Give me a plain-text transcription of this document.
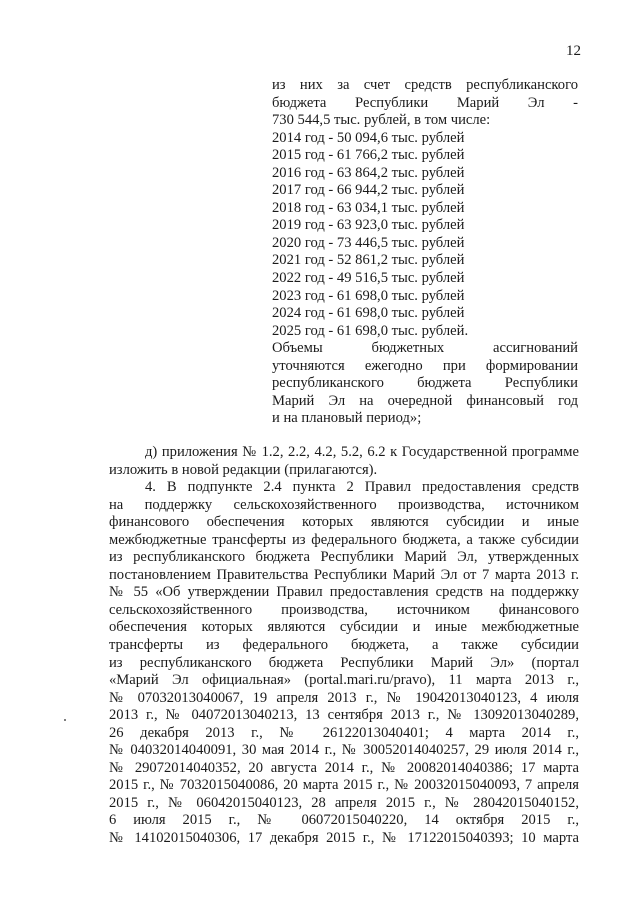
12
из них за счет средств республиканского
бюджета Республики Марий Эл -
730 544,5 тыс. рублей, в том числе:
2014 год - 50 094,6 тыс. рублей
2015 год - 61 766,2 тыс. рублей
2016 год - 63 864,2 тыс. рублей
2017 год - 66 944,2 тыс. рублей
2018 год - 63 034,1 тыс. рублей
2019 год - 63 923,0 тыс. рублей
2020 год - 73 446,5 тыс. рублей
2021 год - 52 861,2 тыс. рублей
2022 год - 49 516,5 тыс. рублей
2023 год - 61 698,0 тыс. рублей
2024 год - 61 698,0 тыс. рублей
2025 год - 61 698,0 тыс. рублей.
Объемы бюджетных ассигнований
уточняются ежегодно при формировании
республиканского бюджета Республики
Марий Эл на очередной финансовый год
и на плановый период»;
д) приложения № 1.2, 2.2, 4.2, 5.2, 6.2 к Государственной программе
изложить в новой редакции (прилагаются).
4. В подпункте 2.4 пункта 2 Правил предоставления средств
на поддержку сельскохозяйственного производства, источником
финансового обеспечения которых являются субсидии и иные
межбюджетные трансферты из федерального бюджета, а также субсидии
из республиканского бюджета Республики Марий Эл, утвержденных
постановлением Правительства Республики Марий Эл от 7 марта 2013 г.
№ 55 «Об утверждении Правил предоставления средств на поддержку
сельскохозяйственного производства, источником финансового
обеспечения которых являются субсидии и иные межбюджетные
трансферты из федерального бюджета, а также субсидии
из республиканского бюджета Республики Марий Эл» (портал
«Марий Эл официальная» (portal.mari.ru/pravo), 11 марта 2013 г.,
№ 07032013040067, 19 апреля 2013 г., № 19042013040123, 4 июля
2013 г., № 04072013040213, 13 сентября 2013 г., № 13092013040289,
26 декабря 2013 г., № 26122013040401; 4 марта 2014 г.,
№ 04032014040091, 30 мая 2014 г., № 30052014040257, 29 июля 2014 г.,
№ 29072014040352, 20 августа 2014 г., № 20082014040386; 17 марта
2015 г., № 7032015040086, 20 марта 2015 г., № 20032015040093, 7 апреля
2015 г., № 06042015040123, 28 апреля 2015 г., № 28042015040152,
6 июля 2015 г., № 06072015040220, 14 октября 2015 г.,
№ 14102015040306, 17 декабря 2015 г., № 17122015040393; 10 марта
